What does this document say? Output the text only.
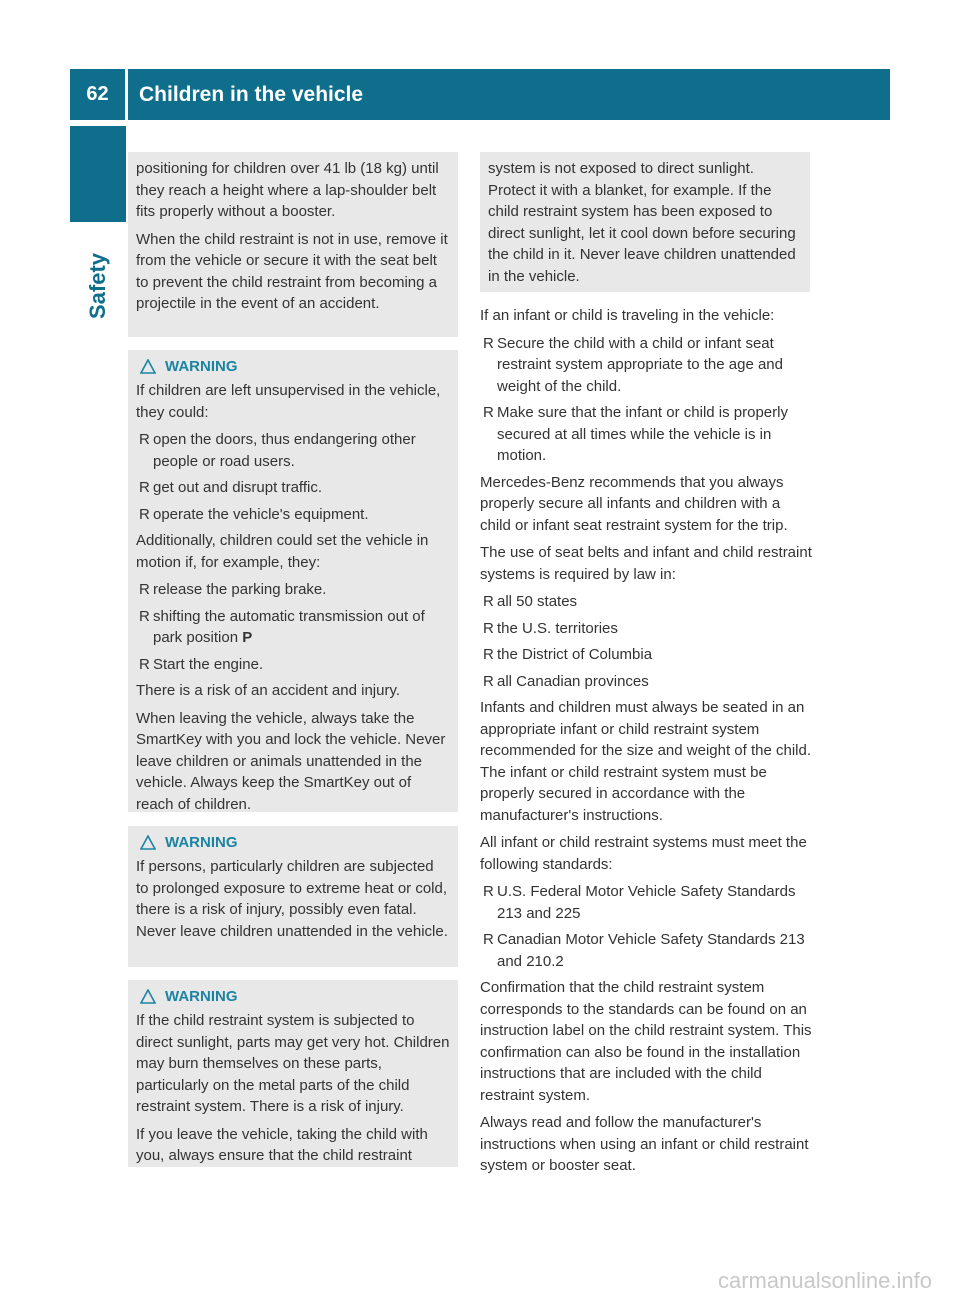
62	Children in the vehicle
Safety

positioning for children over 41 lb (18 kg) until they reach a height where a lap-shoulder belt fits properly without a booster.

When the child restraint is not in use, remove it from the vehicle or secure it with the seat belt to prevent the child restraint from becoming a projectile in the event of an accident.

WARNING

If children are left unsupervised in the vehicle, they could:

R open the doors, thus endangering other people or road users.
R get out and disrupt traffic.
R operate the vehicle's equipment.

Additionally, children could set the vehicle in motion if, for example, they:

R release the parking brake.
R shifting the automatic transmission out of park position P
R Start the engine.

There is a risk of an accident and injury.

When leaving the vehicle, always take the SmartKey with you and lock the vehicle. Never leave children or animals unattended in the vehicle. Always keep the SmartKey out of reach of children.

WARNING

If persons, particularly children are subjected to prolonged exposure to extreme heat or cold, there is a risk of injury, possibly even fatal. Never leave children unattended in the vehicle.

WARNING

If the child restraint system is subjected to direct sunlight, parts may get very hot. Children may burn themselves on these parts, particularly on the metal parts of the child restraint system. There is a risk of injury.

If you leave the vehicle, taking the child with you, always ensure that the child restraint

system is not exposed to direct sunlight. Protect it with a blanket, for example. If the child restraint system has been exposed to direct sunlight, let it cool down before securing the child in it. Never leave children unattended in the vehicle.

If an infant or child is traveling in the vehicle:

R Secure the child with a child or infant seat restraint system appropriate to the age and weight of the child.
R Make sure that the infant or child is properly secured at all times while the vehicle is in motion.

Mercedes-Benz recommends that you always properly secure all infants and children with a child or infant seat restraint system for the trip.

The use of seat belts and infant and child restraint systems is required by law in:

R all 50 states
R the U.S. territories
R the District of Columbia
R all Canadian provinces

Infants and children must always be seated in an appropriate infant or child restraint system recommended for the size and weight of the child. The infant or child restraint system must be properly secured in accordance with the manufacturer's instructions.

All infant or child restraint systems must meet the following standards:

R U.S. Federal Motor Vehicle Safety Standards 213 and 225
R Canadian Motor Vehicle Safety Standards 213 and 210.2

Confirmation that the child restraint system corresponds to the standards can be found on an instruction label on the child restraint system. This confirmation can also be found in the installation instructions that are included with the child restraint system.

Always read and follow the manufacturer's instructions when using an infant or child restraint system or booster seat.

carmanualsonline.info
